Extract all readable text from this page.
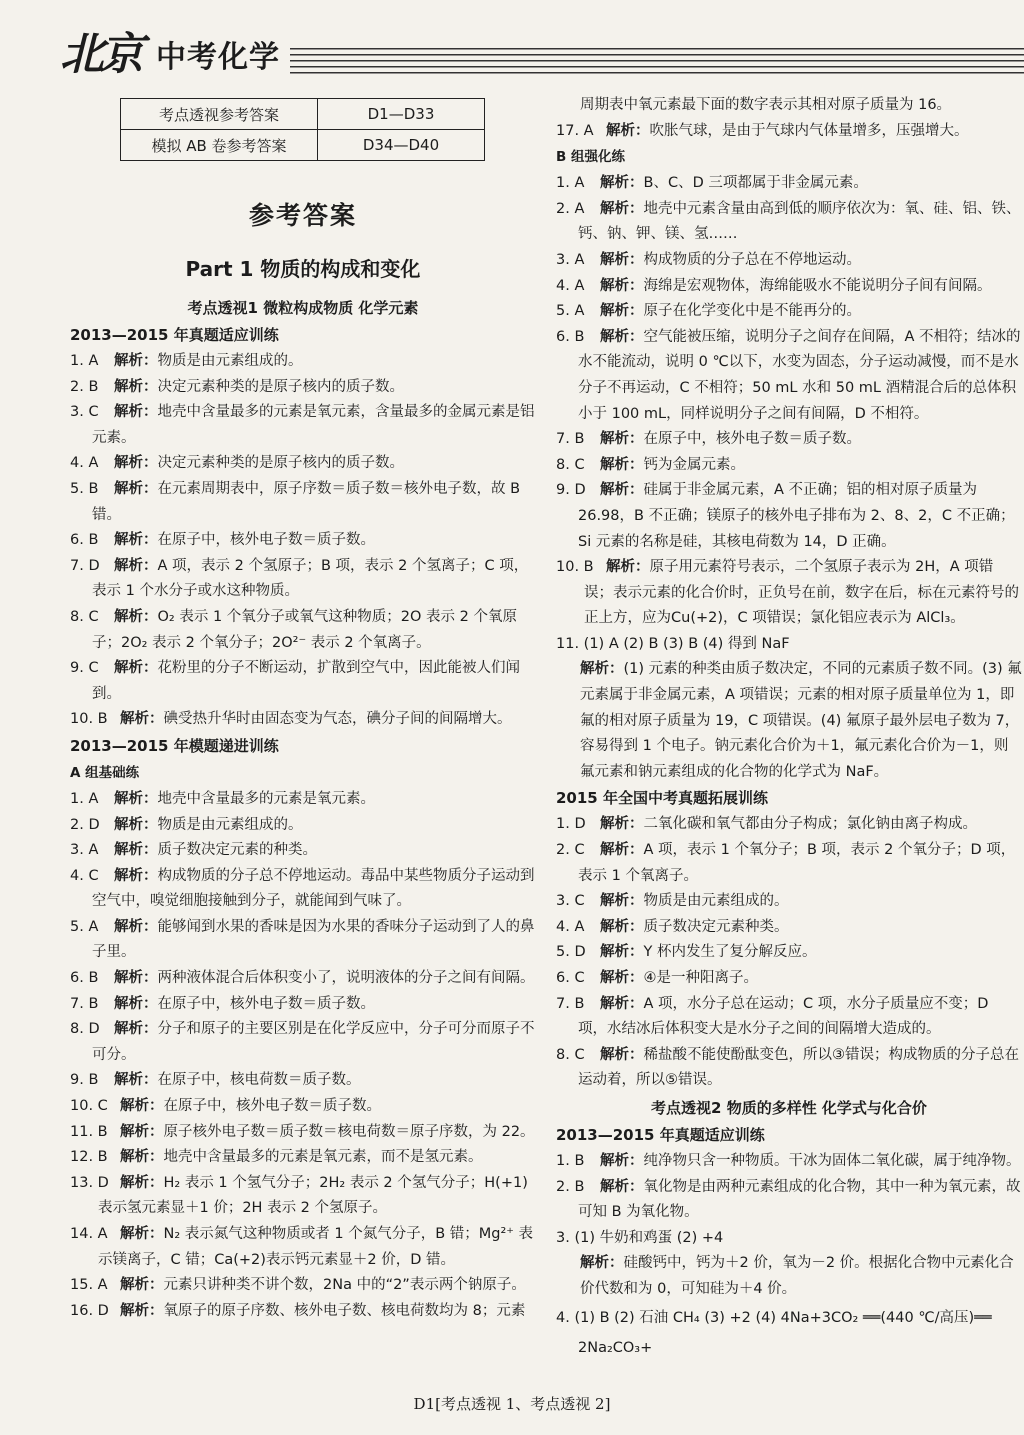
北京 中考化学
考点透视参考答案	D1—D33
模拟 AB 卷参考答案	D34—D40

参考答案

Part 1 物质的构成和变化

考点透视1 微粒构成物质 化学元素

2013—2015 年真题适应训练

1. A 解析：物质是由元素组成的。

2. B 解析：决定元素种类的是原子核内的质子数。

3. C 解析：地壳中含量最多的元素是氧元素，含量最多的金属元素是铝元素。

4. A 解析：决定元素种类的是原子核内的质子数。

5. B 解析：在元素周期表中，原子序数＝质子数＝核外电子数，故 B 错。

6. B 解析：在原子中，核外电子数＝质子数。

7. D 解析：A 项，表示 2 个氢原子；B 项，表示 2 个氢离子；C 项，表示 1 个水分子或水这种物质。

8. C 解析：O₂ 表示 1 个氧分子或氧气这种物质；2O 表示 2 个氧原子；2O₂ 表示 2 个氧分子；2O²⁻ 表示 2 个氧离子。

9. C 解析：花粉里的分子不断运动，扩散到空气中，因此能被人们闻到。

10. B 解析：碘受热升华时由固态变为气态，碘分子间的间隔增大。

2013—2015 年模题递进训练

A 组基础练

1. A 解析：地壳中含量最多的元素是氧元素。

2. D 解析：物质是由元素组成的。

3. A 解析：质子数决定元素的种类。

4. C 解析：构成物质的分子总不停地运动。毒品中某些物质分子运动到空气中，嗅觉细胞接触到分子，就能闻到气味了。

5. A 解析：能够闻到水果的香味是因为水果的香味分子运动到了人的鼻子里。

6. B 解析：两种液体混合后体积变小了，说明液体的分子之间有间隔。

7. B 解析：在原子中，核外电子数＝质子数。

8. D 解析：分子和原子的主要区别是在化学反应中，分子可分而原子不可分。

9. B 解析：在原子中，核电荷数＝质子数。

10. C 解析：在原子中，核外电子数＝质子数。

11. B 解析：原子核外电子数＝质子数＝核电荷数＝原子序数，为 22。

12. B 解析：地壳中含量最多的元素是氧元素，而不是氢元素。

13. D 解析：H₂ 表示 1 个氢气分子；2H₂ 表示 2 个氢气分子；H(+1)表示氢元素显＋1 价；2H 表示 2 个氢原子。

14. A 解析：N₂ 表示氮气这种物质或者 1 个氮气分子，B 错；Mg²⁺ 表示镁离子，C 错；Ca(+2)表示钙元素显＋2 价，D 错。

15. A 解析：元素只讲种类不讲个数，2Na 中的“2”表示两个钠原子。

16. D 解析：氧原子的原子序数、核外电子数、核电荷数均为 8；元素

周期表中氧元素最下面的数字表示其相对原子质量为 16。

17. A 解析：吹胀气球，是由于气球内气体量增多，压强增大。

B 组强化练

1. A 解析：B、C、D 三项都属于非金属元素。

2. A 解析：地壳中元素含量由高到低的顺序依次为：氧、硅、铝、铁、钙、钠、钾、镁、氢……

3. A 解析：构成物质的分子总在不停地运动。

4. A 解析：海绵是宏观物体，海绵能吸水不能说明分子间有间隔。

5. A 解析：原子在化学变化中是不能再分的。

6. B 解析：空气能被压缩，说明分子之间存在间隔，A 不相符；结冰的水不能流动，说明 0 ℃以下，水变为固态，分子运动减慢，而不是水分子不再运动，C 不相符；50 mL 水和 50 mL 酒精混合后的总体积小于 100 mL，同样说明分子之间有间隔，D 不相符。

7. B 解析：在原子中，核外电子数＝质子数。

8. C 解析：钙为金属元素。

9. D 解析：硅属于非金属元素，A 不正确；铝的相对原子质量为 26.98，B 不正确；镁原子的核外电子排布为 2、8、2，C 不正确；Si 元素的名称是硅，其核电荷数为 14，D 正确。

10. B 解析：原子用元素符号表示，二个氢原子表示为 2H，A 项错误；表示元素的化合价时，正负号在前，数字在后，标在元素符号的正上方，应为Cu(+2)，C 项错误；氯化铝应表示为 AlCl₃。

11. (1) A (2) B (3) B (4) 得到 NaF

解析：(1) 元素的种类由质子数决定，不同的元素质子数不同。(3) 氟元素属于非金属元素，A 项错误；元素的相对原子质量单位为 1，即氟的相对原子质量为 19，C 项错误。(4) 氟原子最外层电子数为 7，容易得到 1 个电子。钠元素化合价为＋1，氟元素化合价为－1，则氟元素和钠元素组成的化合物的化学式为 NaF。

2015 年全国中考真题拓展训练

1. D 解析：二氧化碳和氧气都由分子构成；氯化钠由离子构成。

2. C 解析：A 项，表示 1 个氧分子；B 项，表示 2 个氧分子；D 项，表示 1 个氧离子。

3. C 解析：物质是由元素组成的。

4. A 解析：质子数决定元素种类。

5. D 解析：Y 杯内发生了复分解反应。

6. C 解析：④是一种阳离子。

7. B 解析：A 项，水分子总在运动；C 项，水分子质量应不变；D 项，水结冰后体积变大是水分子之间的间隔增大造成的。

8. C 解析：稀盐酸不能使酚酞变色，所以③错误；构成物质的分子总在运动着，所以⑤错误。

考点透视2 物质的多样性 化学式与化合价

2013—2015 年真题适应训练

1. B 解析：纯净物只含一种物质。干冰为固体二氧化碳，属于纯净物。

2. B 解析：氧化物是由两种元素组成的化合物，其中一种为氧元素，故可知 B 为氧化物。

3. (1) 牛奶和鸡蛋 (2) +4

解析：硅酸钙中，钙为＋2 价，氧为－2 价。根据化合物中元素化合价代数和为 0，可知硅为＋4 价。

4. (1) B (2) 石油 CH₄ (3) +2 (4) 4Na+3CO₂ ══(440 ℃/高压)══ 2Na₂CO₃+

D1[考点透视 1、考点透视 2]
